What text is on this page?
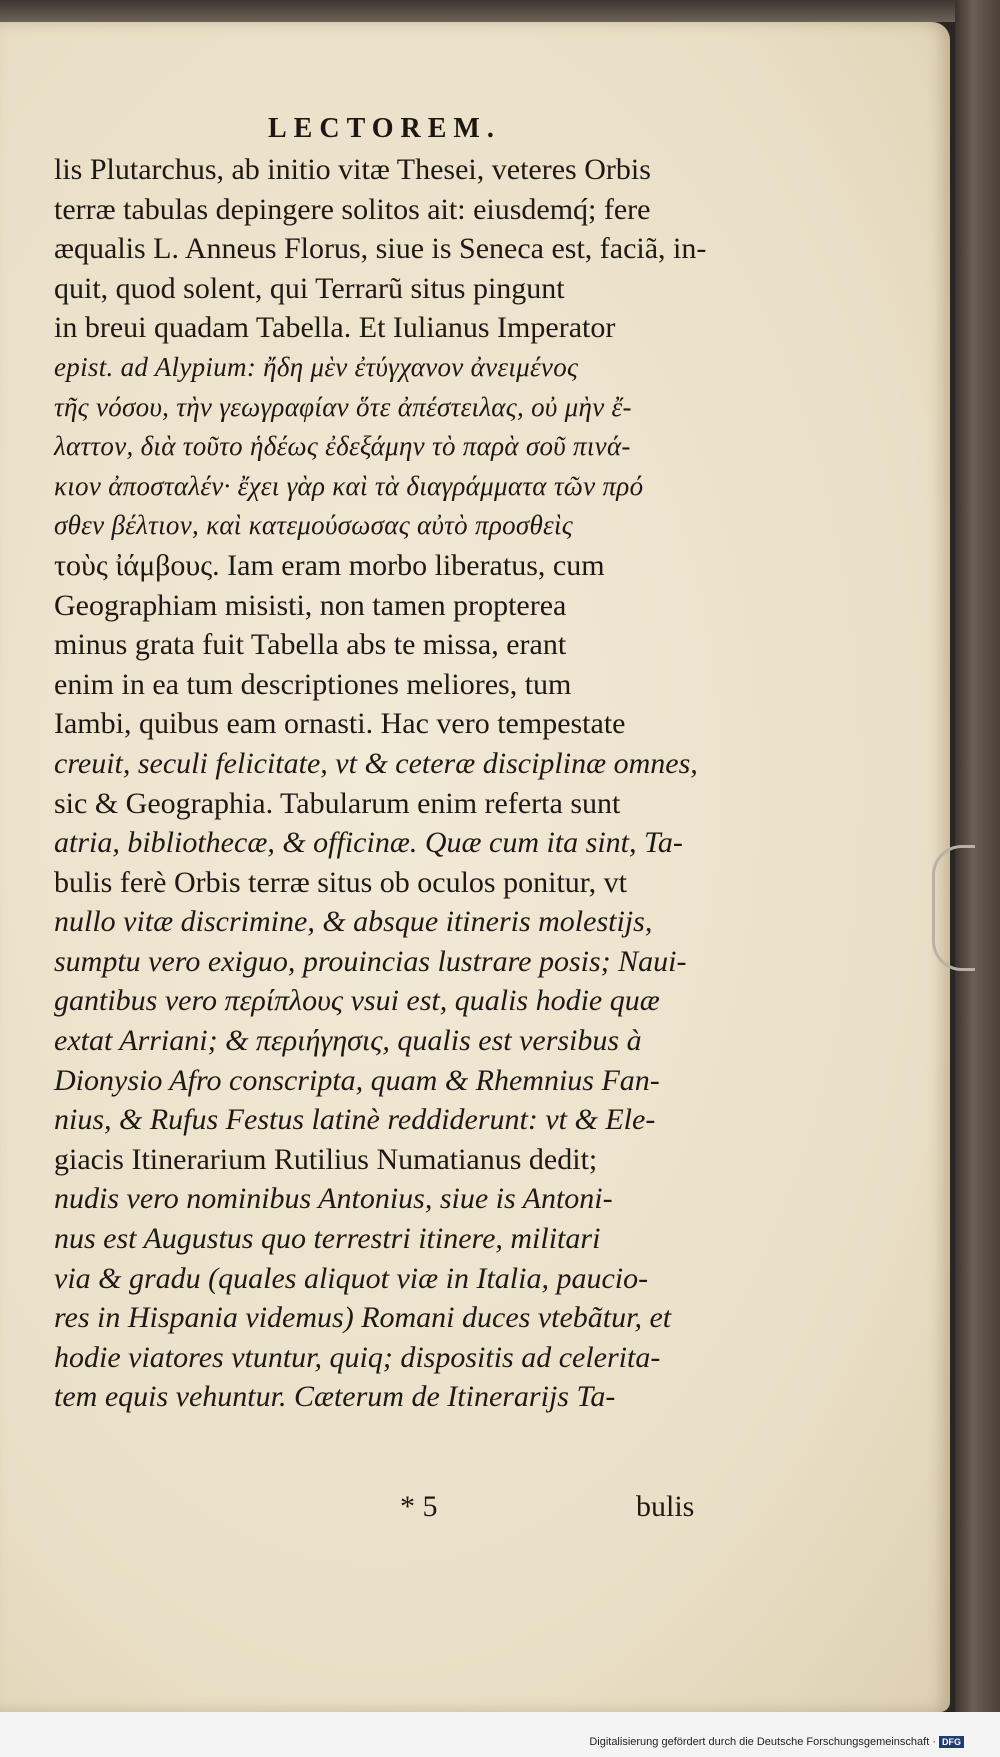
LECTOREM.
lis Plutarchus, ab initio vitæ Thesei, veteres Orbis
terræ tabulas depingere solitos ait: eiusdemq́; fere
æqualis L. Anneus Florus, siue is Seneca est, faciã, in-
quit, quod solent, qui Terrarũ situs pingunt
in breui quadam Tabella. Et Iulianus Imperator
epist. ad Alypium: ἤδη μὲν ἐτύγχανον ἀνειμένος
τῆς νόσου, τὴν γεωγραφίαν ὅτε ἀπέστειλας, οὐ μὴν ἔ-
λαττον, διὰ τοῦτο ἡδέως ἐδεξάμην τὸ παρὰ σοῦ πινά-
κιον ἀποσταλέν· ἔχει γὰρ καὶ τὰ διαγράμματα τῶν πρό
σθεν βέλτιον, καὶ κατεμούσωσας αὐτὸ προσθεὶς
τοὺς ἰάμβους. Iam eram morbo liberatus, cum
Geographiam misisti, non tamen propterea
minus grata fuit Tabella abs te missa, erant
enim in ea tum descriptiones meliores, tum
Iambi, quibus eam ornasti. Hac vero tempestate
creuit, seculi felicitate, vt & ceteræ disciplinæ omnes,
sic & Geographia. Tabularum enim referta sunt
atria, bibliothecæ, & officinæ. Quæ cum ita sint, Ta-
bulis ferè Orbis terræ situs ob oculos ponitur, vt
nullo vitæ discrimine, & absque itineris molestijs,
sumptu vero exiguo, prouincias lustrare posis; Naui-
gantibus vero περίπλους vsui est, qualis hodie quæ
extat Arriani; & περιήγησις, qualis est versibus à
Dionysio Afro conscripta, quam & Rhemnius Fan-
nius, & Rufus Festus latinè reddiderunt: vt & Ele-
giacis Itinerarium Rutilius Numatianus dedit;
nudis vero nominibus Antonius, siue is Antoni-
nus est Augustus quo terrestri itinere, militari
via & gradu (quales aliquot viæ in Italia, paucio-
res in Hispania videmus) Romani duces vtebãtur, et
hodie viatores vtuntur, quiq; dispositis ad celerita-
tem equis vehuntur. Cæterum de Itinerarijs Ta-
* 5	bulis
Digitalisierung gefördert durch die Deutsche Forschungsgemeinschaft · DFG
